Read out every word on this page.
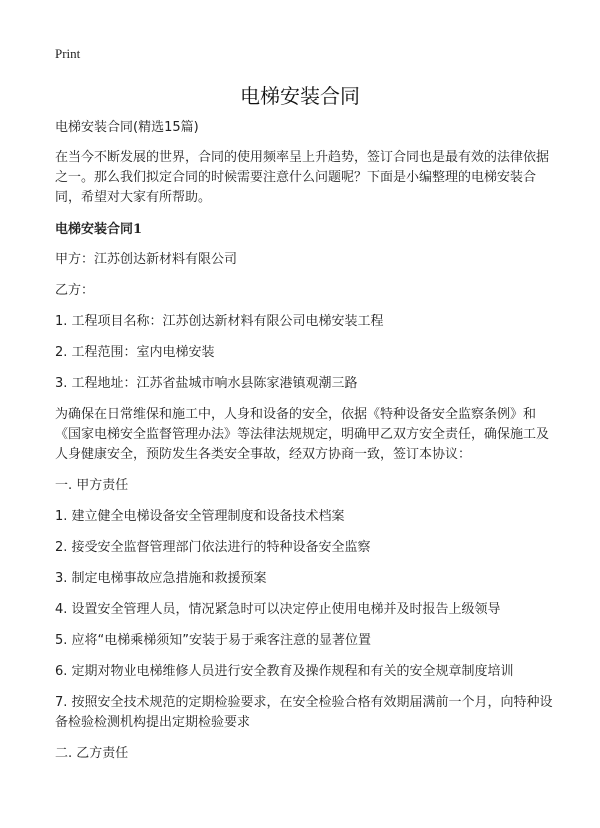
Print
电梯安装合同

电梯安装合同(精选15篇)

在当今不断发展的世界，合同的使用频率呈上升趋势，签订合同也是最有效的法律依据之一。那么我们拟定合同的时候需要注意什么问题呢？下面是小编整理的电梯安装合同，希望对大家有所帮助。

电梯安装合同1

甲方：江苏创达新材料有限公司

乙方：

1. 工程项目名称：江苏创达新材料有限公司电梯安装工程

2. 工程范围：室内电梯安装

3. 工程地址：江苏省盐城市响水县陈家港镇观潮三路

为确保在日常维保和施工中，人身和设备的安全，依据《特种设备安全监察条例》和《国家电梯安全监督管理办法》等法律法规规定，明确甲乙双方安全责任，确保施工及人身健康安全，预防发生各类安全事故，经双方协商一致，签订本协议：

一. 甲方责任

1. 建立健全电梯设备安全管理制度和设备技术档案

2. 接受安全监督管理部门依法进行的特种设备安全监察

3. 制定电梯事故应急措施和救援预案

4. 设置安全管理人员，情况紧急时可以决定停止使用电梯并及时报告上级领导

5. 应将“电梯乘梯须知”安装于易于乘客注意的显著位置

6. 定期对物业电梯维修人员进行安全教育及操作规程和有关的安全规章制度培训

7. 按照安全技术规范的定期检验要求，在安全检验合格有效期届满前一个月，向特种设备检验检测机构提出定期检验要求

二. 乙方责任
